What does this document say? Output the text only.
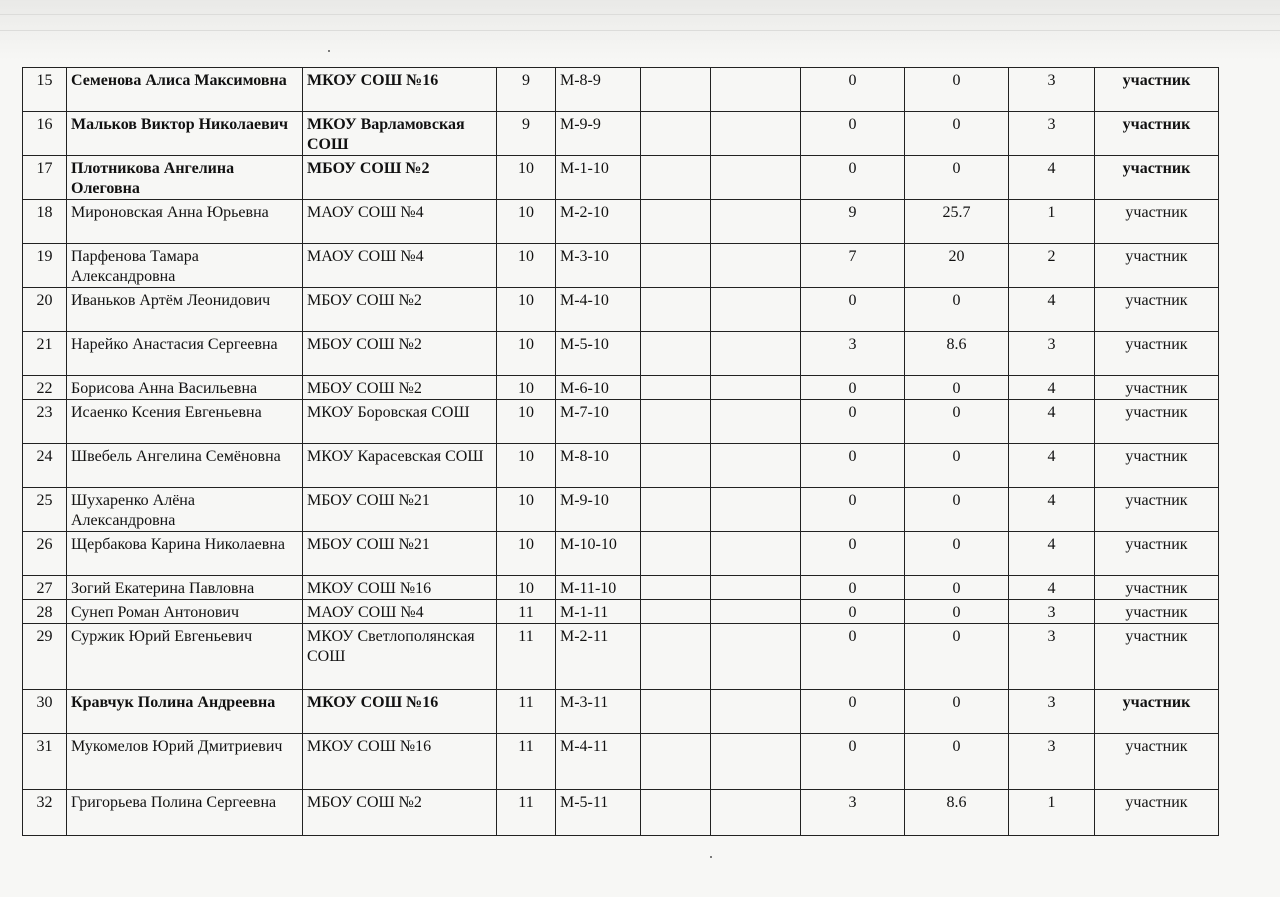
15	Семенова Алиса Максимовна	МКОУ СОШ №16	9	М-8-9			0	0	3	участник
16	Мальков Виктор Николаевич	МКОУ Варламовская СОШ	9	М-9-9			0	0	3	участник
17	Плотникова Ангелина Олеговна	МБОУ СОШ №2	10	М-1-10			0	0	4	участник
18	Мироновская Анна Юрьевна	МАОУ СОШ №4	10	М-2-10			9	25.7	1	участник
19	Парфенова Тамара Александровна	МАОУ СОШ №4	10	М-3-10			7	20	2	участник
20	Иваньков Артём Леонидович	МБОУ СОШ №2	10	М-4-10			0	0	4	участник
21	Нарейко Анастасия Сергеевна	МБОУ СОШ №2	10	М-5-10			3	8.6	3	участник
22	Борисова Анна Васильевна	МБОУ СОШ №2	10	М-6-10			0	0	4	участник
23	Исаенко Ксения Евгеньевна	МКОУ Боровская СОШ	10	М-7-10			0	0	4	участник
24	Швебель Ангелина Семёновна	МКОУ Карасевская СОШ	10	М-8-10			0	0	4	участник
25	Шухаренко Алёна Александровна	МБОУ СОШ №21	10	М-9-10			0	0	4	участник
26	Щербакова Карина Николаевна	МБОУ СОШ №21	10	М-10-10			0	0	4	участник
27	Зогий Екатерина Павловна	МКОУ СОШ №16	10	М-11-10			0	0	4	участник
28	Сунеп Роман Антонович	МАОУ СОШ №4	11	М-1-11			0	0	3	участник
29	Суржик Юрий Евгеньевич	МКОУ Светлополянская СОШ	11	М-2-11			0	0	3	участник
30	Кравчук Полина Андреевна	МКОУ СОШ №16	11	М-3-11			0	0	3	участник
31	Мукомелов Юрий Дмитриевич	МКОУ СОШ №16	11	М-4-11			0	0	3	участник
32	Григорьева Полина Сергеевна	МБОУ СОШ №2	11	М-5-11			3	8.6	1	участник
